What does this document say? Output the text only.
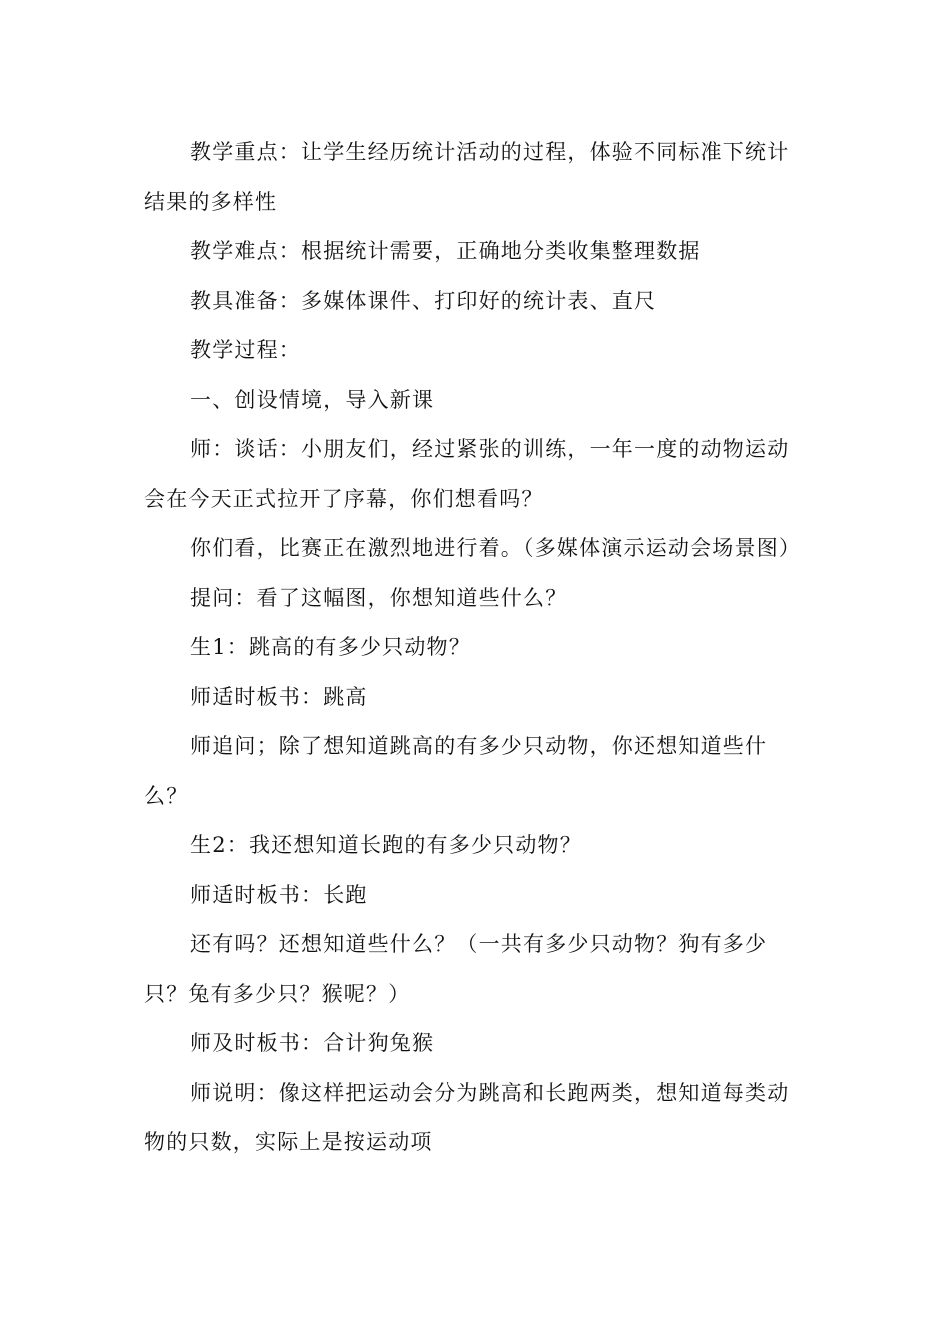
教学重点：让学生经历统计活动的过程，体验不同标准下统计结果的多样性

教学难点：根据统计需要，正确地分类收集整理数据

教具准备：多媒体课件、打印好的统计表、直尺

教学过程：

一、创设情境，导入新课

师：谈话：小朋友们，经过紧张的训练，一年一度的动物运动会在今天正式拉开了序幕，你们想看吗？

你们看，比赛正在激烈地进行着。（多媒体演示运动会场景图）

提问：看了这幅图，你想知道些什么？

生1：跳高的有多少只动物？

师适时板书：跳高

师追问；除了想知道跳高的有多少只动物，你还想知道些什么？

生2：我还想知道长跑的有多少只动物？

师适时板书：长跑

还有吗？还想知道些什么？（一共有多少只动物？狗有多少只？兔有多少只？猴呢？）

师及时板书：合计狗兔猴

师说明：像这样把运动会分为跳高和长跑两类，想知道每类动物的只数，实际上是按运动项
